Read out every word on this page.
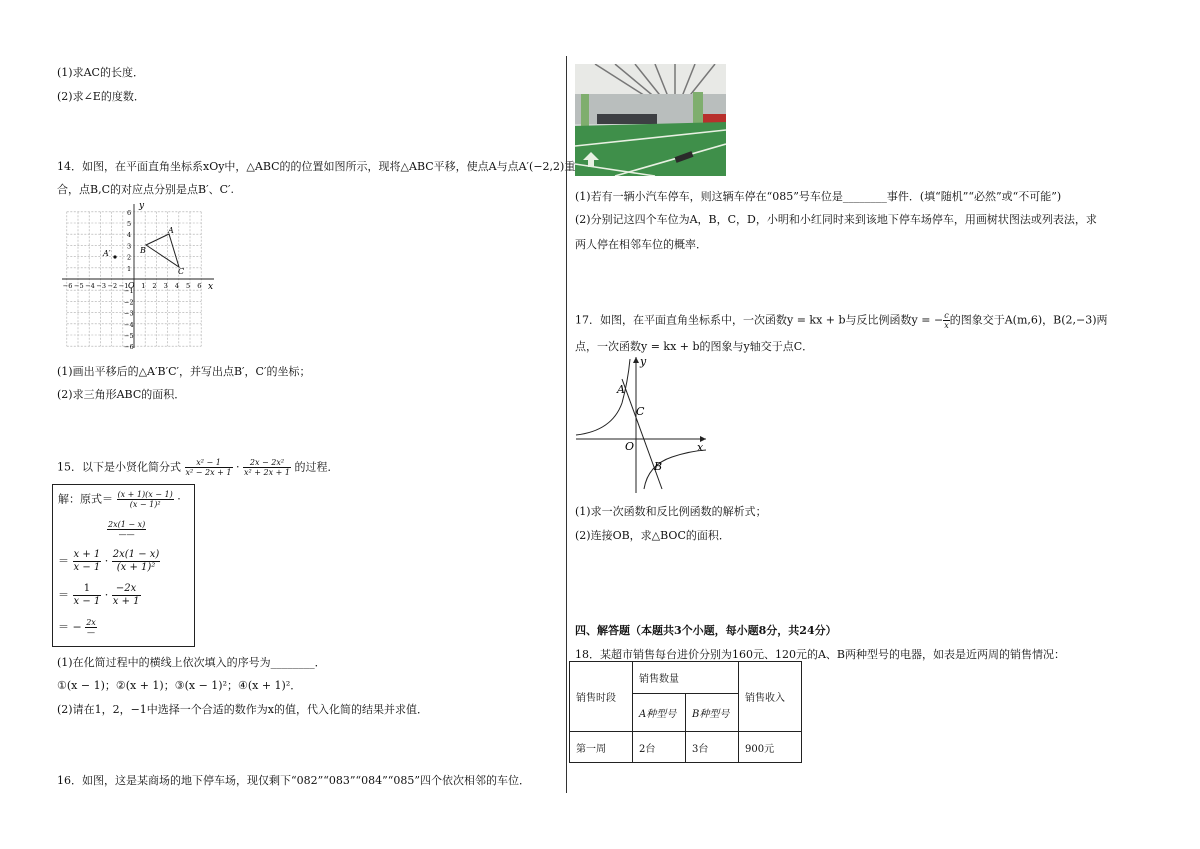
(1)求AC的长度．
(2)求∠E的度数．
14．如图，在平面直角坐标系xOy中，△ABC的的位置如图所示，现将△ABC平移，使点A与点A′(−2,2)重
合，点B,C的对应点分别是点B′、C′.
x
y
O
−6 −5 −4 −3 −2 −1 1 2 3 4 5 6
6
5
4
3
2
1
−1
−2
−3
−4
−5
−6
A
B
C
A′
(1)画出平移后的△A′B′C′，并写出点B′，C′的坐标；
(2)求三角形ABC的面积．
15．以下是小贤化简分式 $\frac{\text{x² − 1}}{\text{x² − 2x + 1}} \cdot \frac{\text{2x − 2x²}}{\text{x² + 2x + 1}}$ 的过程．
解：原式＝ $\frac{(x + 1)(x - 1)}{\text{(x − 1)²}}$ ·
$\frac{2x(1 - x)}{——}$
＝ $\frac{x + 1}{x - 1} \cdot \frac{2x(1 - x)}{\text{(x + 1)²}}$
＝ $\frac{1}{x - 1} \cdot \frac{-2x}{x + 1}$
＝ − $\frac{2x}{—}$
(1)在化简过程中的横线上依次填入的序号为________．
①(x − 1)；②(x + 1)；③(x − 1)²；④(x + 1)²．
(2)请在1，2，−1中选择一个合适的数作为x的值，代入化简的结果并求值．
16．如图，这是某商场的地下停车场，现仅剩下“082”“083”“084”“085”四个依次相邻的车位．
(1)若有一辆小汽车停车，则这辆车停在“085”号车位是________事件．(填“随机”“必然”或“不可能”)
(2)分别记这四个车位为A，B，C，D，小明和小红同时来到该地下停车场停车，用画树状图法或列表法，求
两人停在相邻车位的概率．
17．如图，在平面直角坐标系中，一次函数y = kx + b与反比例函数y = − $\frac{c}{x}$ 的图象交于A(m,6)，B(2,−3)两
点，一次函数y = kx + b的图象与y轴交于点C．
x
y
O
A
C
B
(1)求一次函数和反比例函数的解析式；
(2)连接OB，求△BOC的面积．
四、解答题（本题共3个小题，每小题8分，共24分）
18．某超市销售每台进价分别为160元、120元的A、B两种型号的电器，如表是近两周的销售情况：
销售时段	销售数量		销售收入
	A种型号	B种型号	
第一周	2台	3台	900元
